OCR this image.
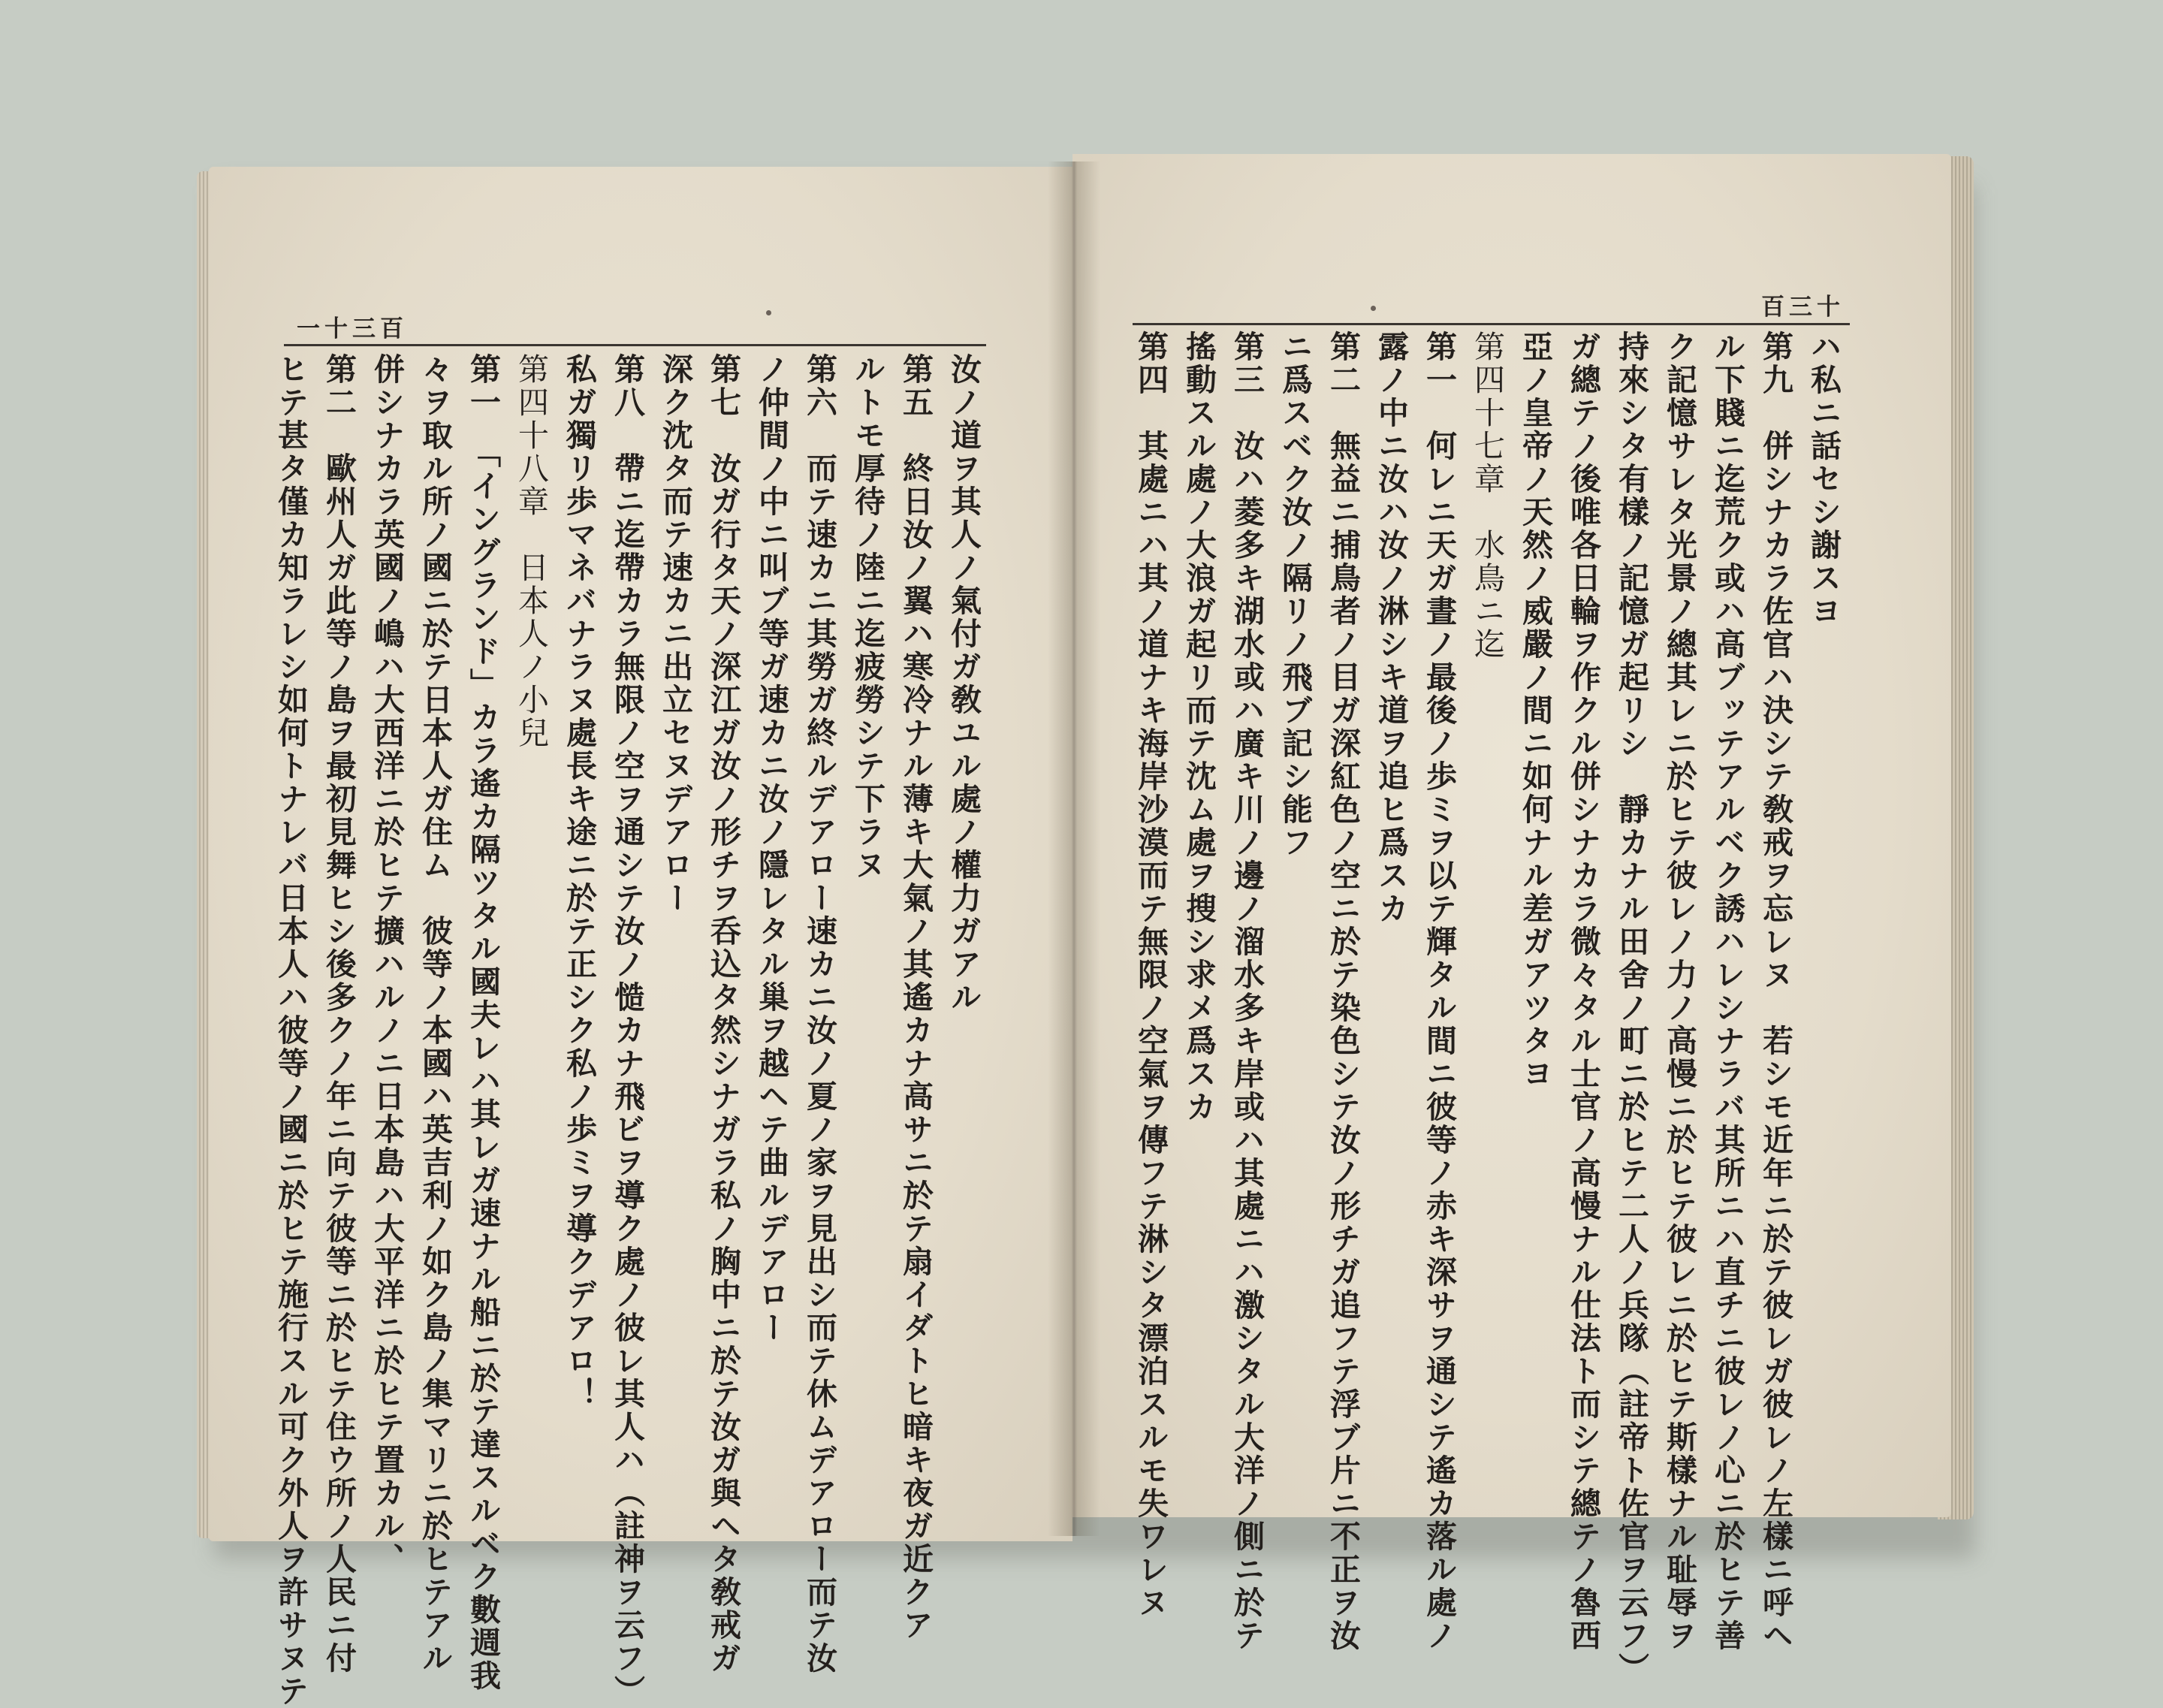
一十三百
汝ノ道ヲ其人ノ氣付ガ敎ユル處ノ權力ガアル
第五　終日汝ノ翼ハ寒冷ナル薄キ大氣ノ其遙カナ高サニ於テ扇イダトヒ暗キ夜ガ近クア
ルトモ厚待ノ陸ニ迄疲勞シテ下ラヌ
第六　而テ速カニ其勞ガ終ルデアロー速カニ汝ノ夏ノ家ヲ見出シ而テ休ムデアロー而テ汝
ノ仲間ノ中ニ叫ブ等ガ速カニ汝ノ隱レタル巢ヲ越ヘテ曲ルデアロー
第七　汝ガ行タ天ノ深江ガ汝ノ形チヲ呑込タ然シナガラ私ノ胸中ニ於テ汝ガ與ヘタ敎戒ガ
深ク沈タ而テ速カニ出立セヌデアロー
第八　帶ニ迄帶カラ無限ノ空ヲ通シテ汝ノ慥カナ飛ビヲ導ク處ノ彼レ其人ハ（註神ヲ云フ）
私ガ獨リ歩マネバナラヌ處長キ途ニ於テ正シク私ノ歩ミヲ導クデアロ！
第四十八章　日本人ノ小兒
第一　「イングランド」カラ遙カ隔ツタル國夫レハ其レガ速ナル船ニ於テ達スルベク數週我
々ヲ取ル所ノ國ニ於テ日本人ガ住ム　彼等ノ本國ハ英吉利ノ如ク島ノ集マリニ於ヒテアル
併シナカラ英國ノ嶋ハ大西洋ニ於ヒテ擴ハルノニ日本島ハ大平洋ニ於ヒテ置カル、
第二　歐州人ガ此等ノ島ヲ最初見舞ヒシ後多クノ年ニ向テ彼等ニ於ヒテ住ウ所ノ人民ニ付
ヒテ甚タ僅カ知ラレシ如何トナレバ日本人ハ彼等ノ國ニ於ヒテ施行スル可ク外人ヲ許サヌテ
百三十
ハ私ニ話セシ謝スヨ
第九　併シナカラ佐官ハ決シテ敎戒ヲ忘レヌ　若シモ近年ニ於テ彼レガ彼レノ左樣ニ呼ヘ
ル下賤ニ迄荒ク或ハ高ブッテアルベク誘ハレシナラバ其所ニハ直チニ彼レノ心ニ於ヒテ善
ク記憶サレタ光景ノ總其レニ於ヒテ彼レノ力ノ高慢ニ於ヒテ彼レニ於ヒテ斯樣ナル耻辱ヲ
持來シタ有樣ノ記憶ガ起リシ　靜カナル田舍ノ町ニ於ヒテ二人ノ兵隊（註帝ト佐官ヲ云フ）
ガ總テノ後唯各日輪ヲ作クル併シナカラ微々タル士官ノ高慢ナル仕法ト而シテ總テノ魯西
亞ノ皇帝ノ天然ノ威嚴ノ間ニ如何ナル差ガアツタヨ
第四十七章　水鳥ニ迄
第一　何レニ天ガ晝ノ最後ノ歩ミヲ以テ輝タル間ニ彼等ノ赤キ深サヲ通シテ遙カ落ル處ノ
露ノ中ニ汝ハ汝ノ淋シキ道ヲ追ヒ爲スカ
第二　無益ニ捕鳥者ノ目ガ深紅色ノ空ニ於テ染色シテ汝ノ形チガ追フテ浮ブ片ニ不正ヲ汝
ニ爲スベク汝ノ隔リノ飛ブ記シ能フ
第三　汝ハ菱多キ湖水或ハ廣キ川ノ邊ノ溜水多キ岸或ハ其處ニハ激シタル大洋ノ側ニ於テ
搖動スル處ノ大浪ガ起リ而テ沈ム處ヲ搜シ求メ爲スカ
第四　其處ニハ其ノ道ナキ海岸沙漠而テ無限ノ空氣ヲ傳フテ淋シタ漂泊スルモ失ワレヌ
